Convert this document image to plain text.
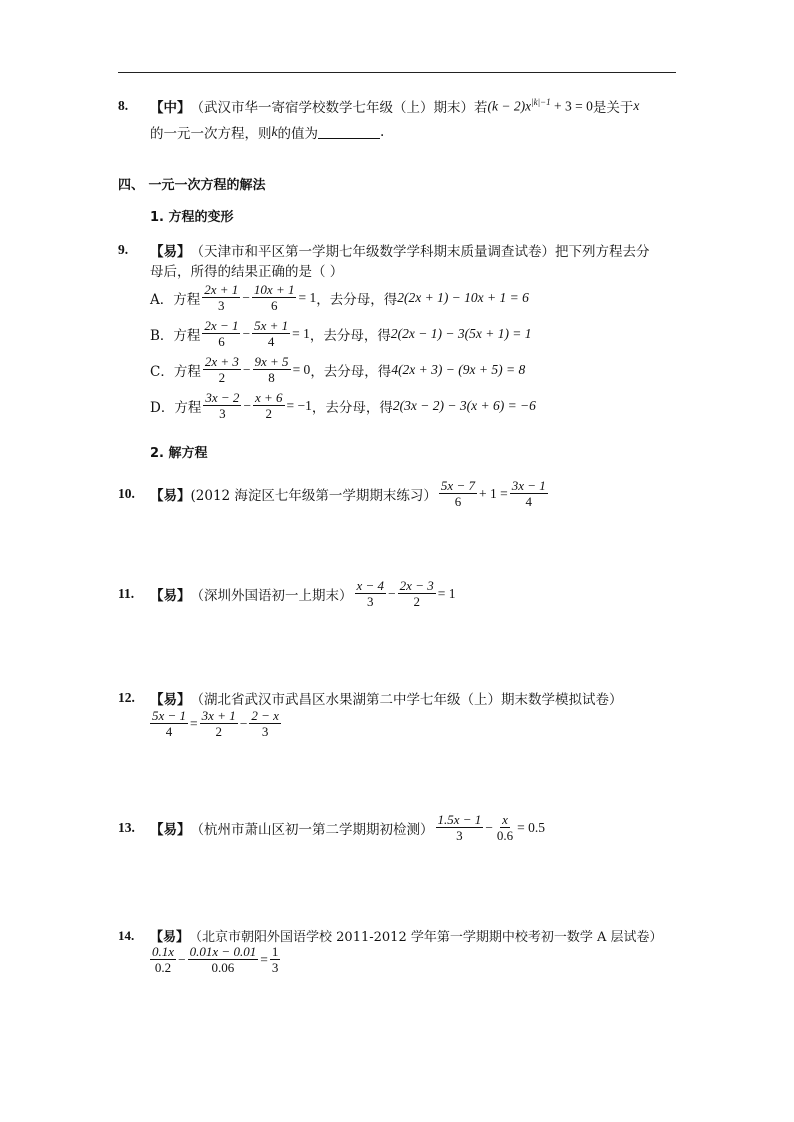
8.	【中】 （武汉市华一寄宿学校数学七年级（上）期末） 若 $(k - 2)x^{|k|-1} + 3 = 0$ 是关于 x
的一元一次方程，则 k 的值为	.
四、 一元一次方程的解法
1. 方程的变形
9.	【易】 （天津市和平区第一学期七年级数学学科期末质量调查试卷）把下列方程去分
母后，所得的结果正确的是（ ）
A．方程 $\frac{2x + 1}{3} - \frac{10x + 1}{6} = 1$ ，去分母，得 2(2x + 1) − 10x + 1 = 6
B．方程 $\frac{2x - 1}{6} - \frac{5x + 1}{4} = 1$ ，去分母，得 2(2x − 1) − 3(5x + 1) = 1
C．方程 $\frac{2x + 3}{2} - \frac{9x + 5}{8} = 0$ ，去分母，得 4(2x + 3) − (9x + 5) = 8
D．方程 $\frac{3x - 2}{3} - \frac{x + 6}{2} = -1$ ，去分母，得 2(3x − 2) − 3(x + 6) = −6
2. 解方程
10.	【易】 (2012 海淀区七年级第一学期期末练习） $\frac{5x - 7}{6} + 1 = \frac{3x - 1}{4}$
11.	【易】 （深圳外国语初一上期末） $\frac{x - 4}{3} - \frac{2x - 3}{2} = 1$
12.	【易】 （湖北省武汉市武昌区水果湖第二中学七年级（上）期末数学模拟试卷）
$\frac{5x - 1}{4} = \frac{3x + 1}{2} - \frac{2 - x}{3}$
13.	【易】 （杭州市萧山区初一第二学期期初检测） $\frac{1.5x - 1}{3} - \frac{x}{0.6} = 0.5$
14.	【易】 （北京市朝阳外国语学校 2011-2012 学年第一学期期中校考初一数学 A 层试卷）
$\frac{0.1x}{0.2} - \frac{0.01x - 0.01}{0.06} = \frac{1}{3}$
